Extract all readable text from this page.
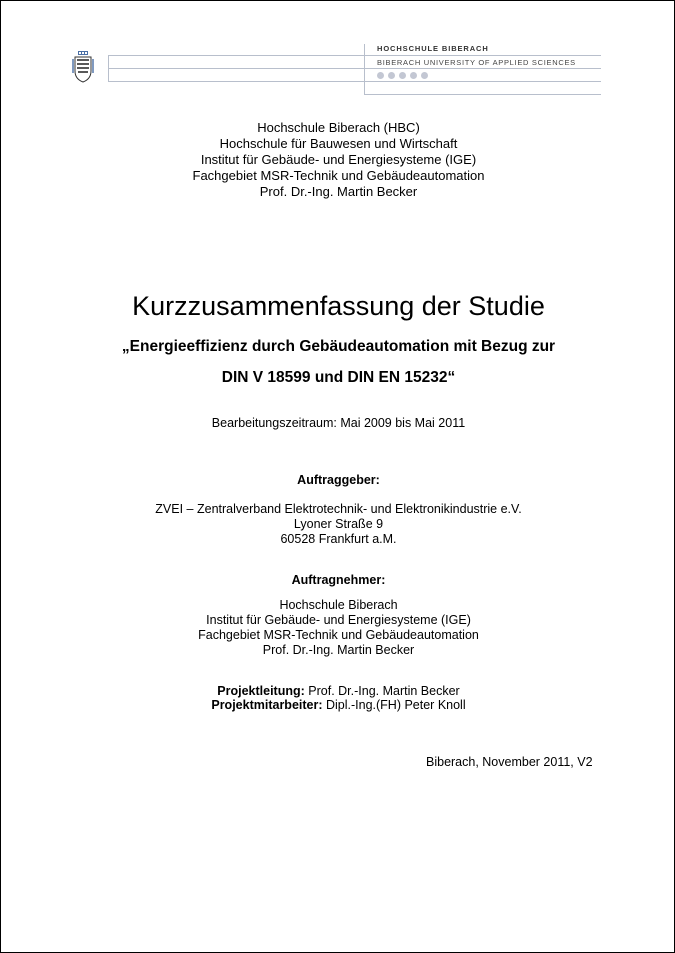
HOCHSCHULE BIBERACH
BIBERACH UNIVERSITY OF APPLIED SCIENCES
Hochschule Biberach (HBC)
Hochschule für Bauwesen und Wirtschaft
Institut für Gebäude- und Energiesysteme (IGE)
Fachgebiet MSR-Technik und Gebäudeautomation
Prof. Dr.-Ing. Martin Becker
Kurzzusammenfassung der Studie
„Energieeffizienz durch Gebäudeautomation mit Bezug zur
DIN V 18599 und DIN EN 15232“
Bearbeitungszeitraum: Mai 2009 bis Mai 2011
Auftraggeber:
ZVEI – Zentralverband Elektrotechnik- und Elektronikindustrie e.V.
Lyoner Straße 9
60528 Frankfurt a.M.
Auftragnehmer:
Hochschule Biberach
Institut für Gebäude- und Energiesysteme (IGE)
Fachgebiet MSR-Technik und Gebäudeautomation
Prof. Dr.-Ing. Martin Becker
Projektleitung: Prof. Dr.-Ing. Martin Becker
Projektmitarbeiter: Dipl.-Ing.(FH) Peter Knoll
Biberach, November 2011, V2
